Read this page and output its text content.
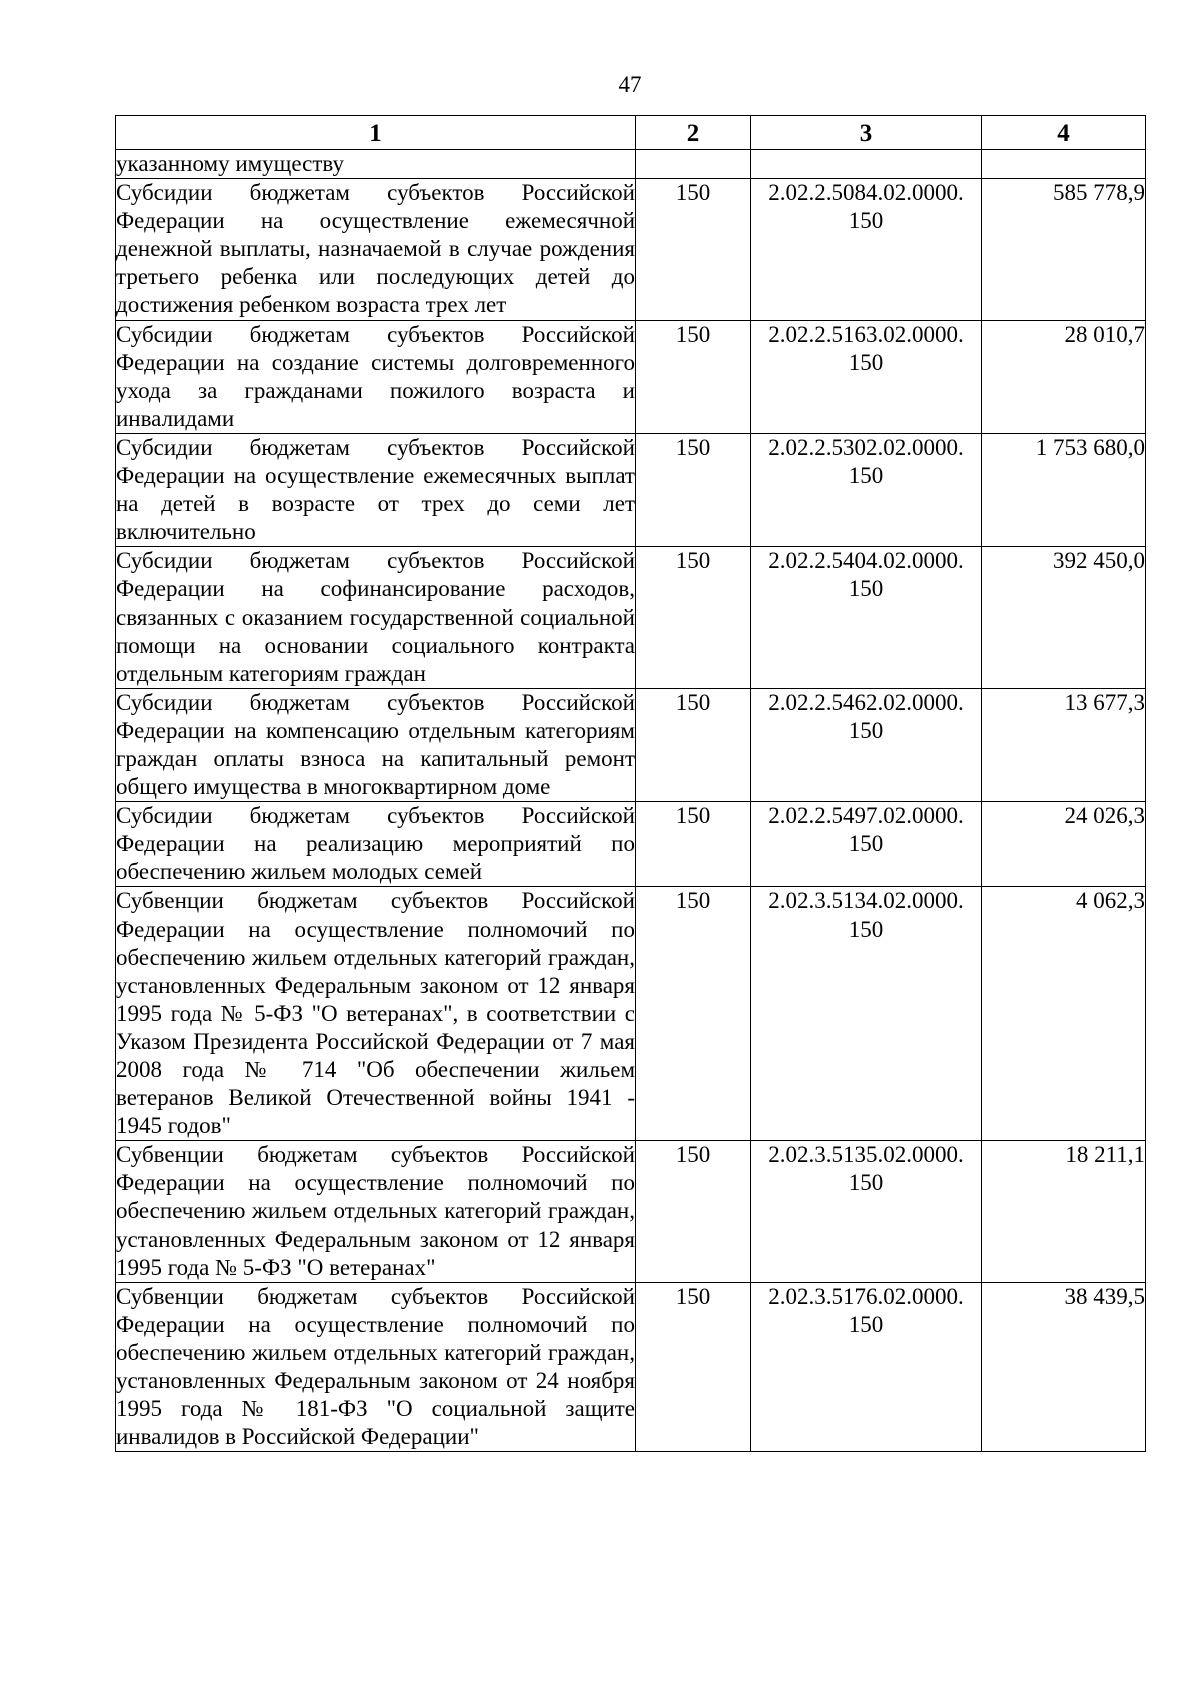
47
1	2	3	4
указанному имуществу			
Субсидии бюджетам субъектов Российской Федерации на осуществление ежемесячной денежной выплаты, назначаемой в случае рождения третьего ребенка или последующих детей до достижения ребенком возраста трех лет	150	2.02.2.5084.02.0000. 150	585 778,9
Субсидии бюджетам субъектов Российской Федерации на создание системы долговременного ухода за гражданами пожилого возраста и инвалидами	150	2.02.2.5163.02.0000. 150	28 010,7
Субсидии бюджетам субъектов Российской Федерации на осуществление ежемесячных выплат на детей в возрасте от трех до семи лет включительно	150	2.02.2.5302.02.0000. 150	1 753 680,0
Субсидии бюджетам субъектов Российской Федерации на софинансирование расходов, связанных с оказанием государственной социальной помощи на основании социального контракта отдельным категориям граждан	150	2.02.2.5404.02.0000. 150	392 450,0
Субсидии бюджетам субъектов Российской Федерации на компенсацию отдельным категориям граждан оплаты взноса на капитальный ремонт общего имущества в многоквартирном доме	150	2.02.2.5462.02.0000. 150	13 677,3
Субсидии бюджетам субъектов Российской Федерации на реализацию мероприятий по обеспечению жильем молодых семей	150	2.02.2.5497.02.0000. 150	24 026,3
Субвенции бюджетам субъектов Российской Федерации на осуществление полномочий по обеспечению жильем отдельных категорий граждан, установленных Федеральным законом от 12 января 1995 года № 5-ФЗ "О ветеранах", в соответствии с Указом Президента Российской Федерации от 7 мая 2008 года № 714 "Об обеспечении жильем ветеранов Великой Отечественной войны 1941 - 1945 годов"	150	2.02.3.5134.02.0000. 150	4 062,3
Субвенции бюджетам субъектов Российской Федерации на осуществление полномочий по обеспечению жильем отдельных категорий граждан, установленных Федеральным законом от 12 января 1995 года № 5-ФЗ "О ветеранах"	150	2.02.3.5135.02.0000. 150	18 211,1
Субвенции бюджетам субъектов Российской Федерации на осуществление полномочий по обеспечению жильем отдельных категорий граждан, установленных Федеральным законом от 24 ноября 1995 года № 181-ФЗ "О социальной защите инвалидов в Российской Федерации"	150	2.02.3.5176.02.0000. 150	38 439,5
